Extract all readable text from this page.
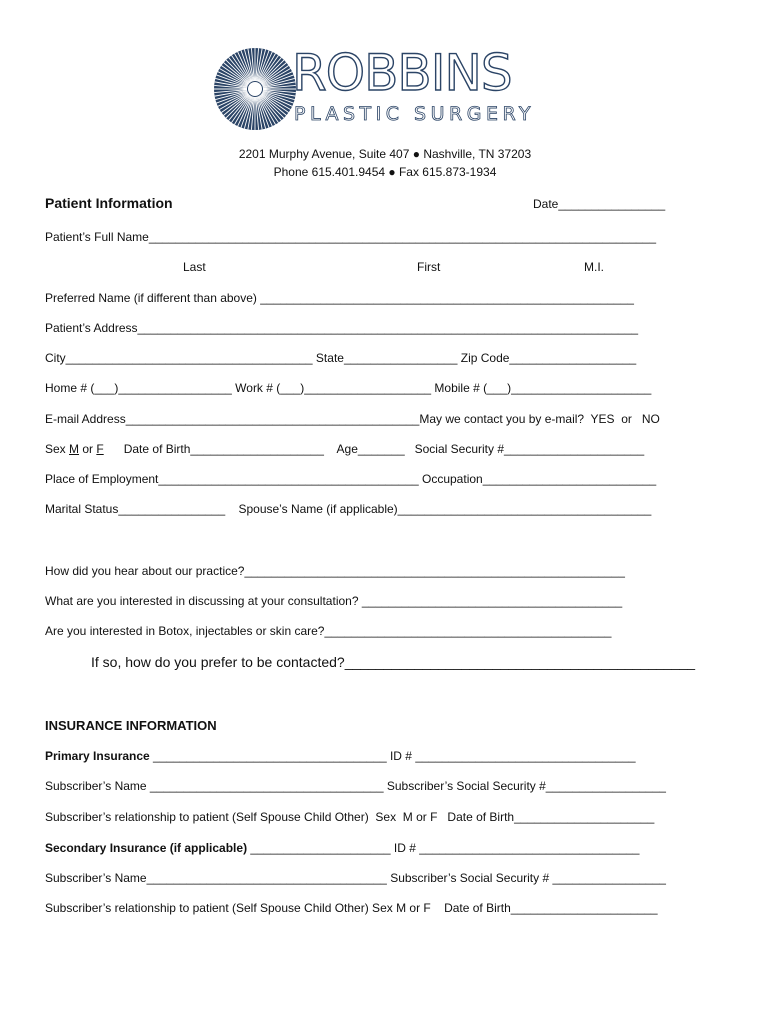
ROBBINS
PLASTIC SURGERY
2201 Murphy Avenue, Suite 407 ● Nashville, TN 37203
Phone 615.401.9454 ● Fax 615.873-1934
Patient Information	Date________________
Patient’s Full Name____________________________________________________________________________
Last	First	M.I.
Preferred Name (if different than above) ________________________________________________________
Patient’s Address___________________________________________________________________________
City_____________________________________ State_________________ Zip Code___________________
Home # (___)_________________ Work # (___)___________________ Mobile # (___)_____________________
E-mail Address____________________________________________May we contact you by e-mail?  YES  or   NO
Sex M or F      Date of Birth____________________    Age_______   Social Security #_____________________
Place of Employment_______________________________________ Occupation__________________________
Marital Status________________    Spouse’s Name (if applicable)______________________________________
How did you hear about our practice?_________________________________________________________
What are you interested in discussing at your consultation? _______________________________________
Are you interested in Botox, injectables or skin care?___________________________________________
If so, how do you prefer to be contacted?_____________________________________________
INSURANCE INFORMATION
Primary Insurance ___________________________________ ID # _________________________________
Subscriber’s Name ___________________________________ Subscriber’s Social Security #__________________
Subscriber’s relationship to patient (Self Spouse Child Other)  Sex  M or F   Date of Birth_____________________
Secondary Insurance (if applicable) _____________________ ID # _________________________________
Subscriber’s Name____________________________________ Subscriber’s Social Security # _________________
Subscriber’s relationship to patient (Self Spouse Child Other) Sex M or F    Date of Birth______________________
